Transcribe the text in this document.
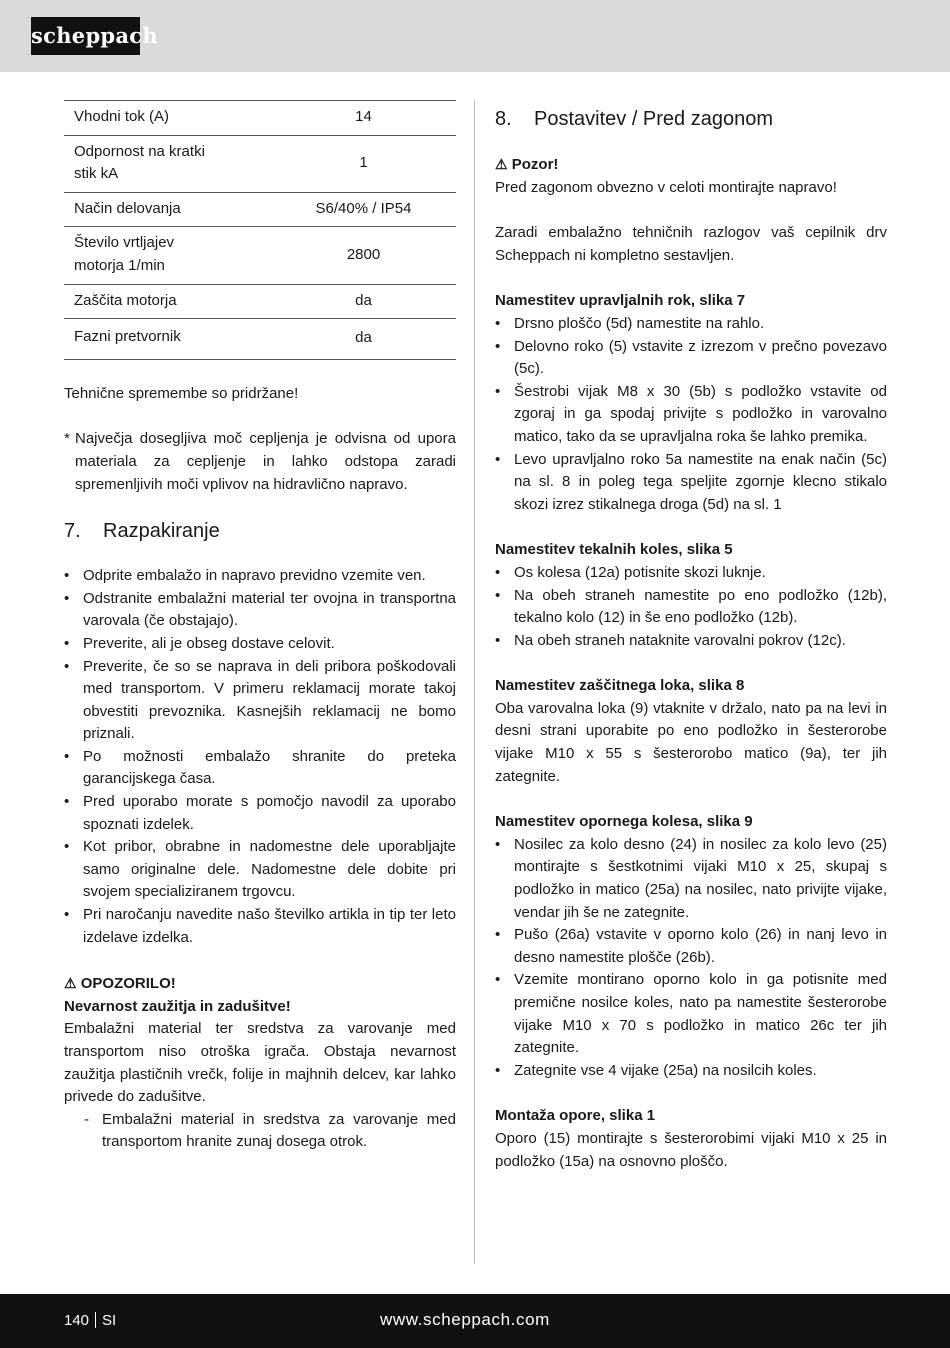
scheppach
Vhodni tok (A)	14
Odpornost na kratki stik kA	1
Način delovanja	S6/40% / IP54
Število vrtljajev motorja 1/min	2800
Zaščita motorja	da
Fazni pretvornik	da

Tehnične spremembe so pridržane!

* Največja dosegljiva moč cepljenja je odvisna od upora materiala za cepljenje in lahko odstopa zaradi spremenljivih moči vplivov na hidravlično napravo.
7.	Razpakiranje
• Odprite embalažo in napravo previdno vzemite ven.
• Odstranite embalažni material ter ovojna in transportna varovala (če obstajajo).
• Preverite, ali je obseg dostave celovit.
• Preverite, če so se naprava in deli pribora poškodovali med transportom. V primeru reklamacij morate takoj obvestiti prevoznika. Kasnejših reklamacij ne bomo priznali.
• Po možnosti embalažo shranite do preteka garancijskega časa.
• Pred uporabo morate s pomočjo navodil za uporabo spoznati izdelek.
• Kot pribor, obrabne in nadomestne dele uporabljajte samo originalne dele. Nadomestne dele dobite pri svojem specializiranem trgovcu.
• Pri naročanju navedite našo številko artikla in tip ter leto izdelave izdelka.
⚠ OPOZORILO!
Nevarnost zaužitja in zadušitve!

Embalažni material ter sredstva za varovanje med transportom niso otroška igrača. Obstaja nevarnost zaužitja plastičnih vrečk, folije in majhnih delcev, kar lahko privede do zadušitve.

- Embalažni material in sredstva za varovanje med transportom hranite zunaj dosega otrok.
8.	Postavitev / Pred zagonom
⚠ Pozor!

Pred zagonom obvezno v celoti montirajte napravo!

Zaradi embalažno tehničnih razlogov vaš cepilnik drv Scheppach ni kompletno sestavljen.

Namestitev upravljalnih rok, slika 7
• Drsno ploščo (5d) namestite na rahlo.
• Delovno roko (5) vstavite z izrezom v prečno povezavo (5c).
• Šestrobi vijak M8 x 30 (5b) s podložko vstavite od zgoraj in ga spodaj privijte s podložko in varovalno matico, tako da se upravljalna roka še lahko premika.
• Levo upravljalno roko 5a namestite na enak način (5c) na sl. 8 in poleg tega speljite zgornje klecno stikalo skozi izrez stikalnega droga (5d) na sl. 1
Namestitev tekalnih koles, slika 5
• Os kolesa (12a) potisnite skozi luknje.
• Na obeh straneh namestite po eno podložko (12b), tekalno kolo (12) in še eno podložko (12b).
• Na obeh straneh nataknite varovalni pokrov (12c).
Namestitev zaščitnega loka, slika 8

Oba varovalna loka (9) vtaknite v držalo, nato pa na levi in desni strani uporabite po eno podložko in šesterorobe vijake M10 x 55 s šesterorobo matico (9a), ter jih zategnite.

Namestitev opornega kolesa, slika 9
• Nosilec za kolo desno (24) in nosilec za kolo levo (25) montirajte s šestkotnimi vijaki M10 x 25, skupaj s podložko in matico (25a) na nosilec, nato privijte vijake, vendar jih še ne zategnite.
• Pušo (26a) vstavite v oporno kolo (26) in nanj levo in desno namestite plošče (26b).
• Vzemite montirano oporno kolo in ga potisnite med premične nosilce koles, nato pa namestite šesterorobe vijake M10 x 70 s podložko in matico 26c ter jih zategnite.
• Zategnite vse 4 vijake (25a) na nosilcih koles.
Montaža opore, slika 1

Oporo (15) montirajte s šesterorobimi vijaki M10 x 25 in podložko (15a) na osnovno ploščo.

140 SI	www.scheppach.com
